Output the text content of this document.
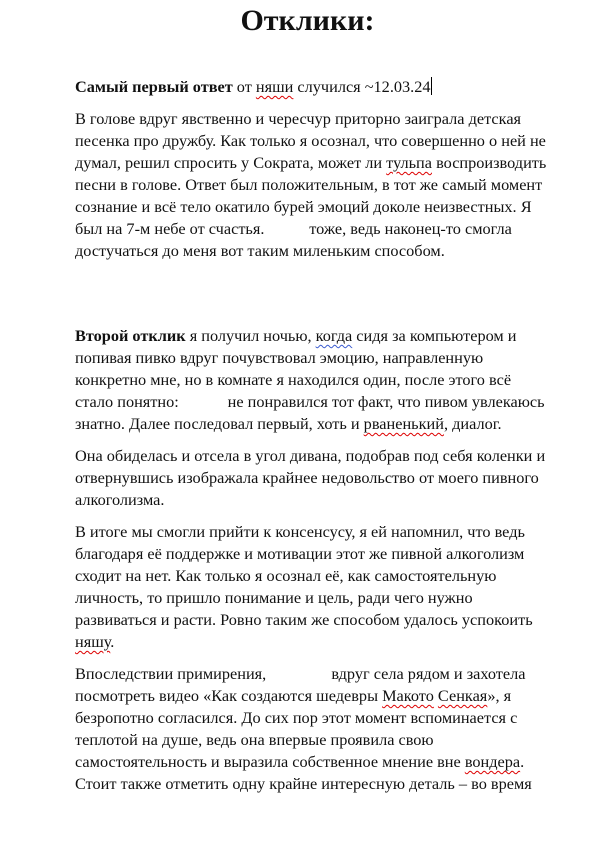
Отклики:
Самый первый ответ от няши случился ~12.03.24
В голове вдруг явственно и чересчур приторно заиграла детская
песенка про дружбу. Как только я осознал, что совершенно о ней не
думал, решил спросить у Сократа, может ли тульпа воспроизводить
песни в голове. Ответ был положительным, в тот же самый момент
сознание и всё тело окатило бурей эмоций доколе неизвестных. Я
был на 7-м небе от счастья.           тоже, ведь наконец-то смогла
достучаться до меня вот таким миленьким способом.
Второй отклик я получил ночью, когда сидя за компьютером и
попивая пивко вдруг почувствовал эмоцию, направленную
конкретно мне, но в комнате я находился один, после этого всё
стало понятно:            не понравился тот факт, что пивом увлекаюсь
знатно. Далее последовал первый, хоть и рваненький, диалог.
Она обиделась и отсела в угол дивана, подобрав под себя коленки и
отвернувшись изображала крайнее недовольство от моего пивного
алкоголизма.
В итоге мы смогли прийти к консенсусу, я ей напомнил, что ведь
благодаря её поддержке и мотивации этот же пивной алкоголизм
сходит на нет. Как только я осознал её, как самостоятельную
личность, то пришло понимание и цель, ради чего нужно
развиваться и расти. Ровно таким же способом удалось успокоить
няшу.
Впоследствии примирения,                вдруг села рядом и захотела
посмотреть видео «Как создаются шедевры Макото Сенкая», я
безропотно согласился. До сих пор этот момент вспоминается с
теплотой на душе, ведь она впервые проявила свою
самостоятельность и выразила собственное мнение вне вондера.
Стоит также отметить одну крайне интересную деталь – во время
